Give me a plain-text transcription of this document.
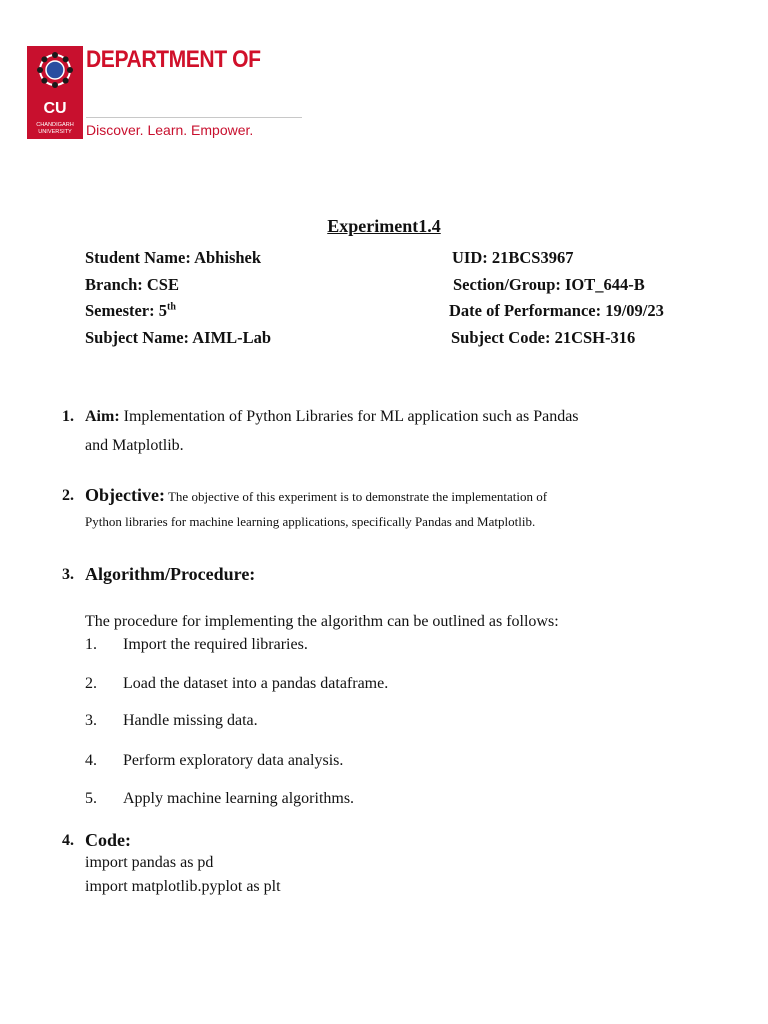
CU
CHANDIGARH
UNIVERSITY
DEPARTMENT OF
Discover. Learn. Empower.
Experiment1.4
Student Name: Abhishek	UID: 21BCS3967
Branch: CSE	Section/Group: IOT_644-B
Semester: 5th	Date of Performance: 19/09/23
Subject Name: AIML-Lab	Subject Code: 21CSH-316
1. Aim: Implementation of Python Libraries for ML application such as Pandas
and Matplotlib.
2. Objective: The objective of this experiment is to demonstrate the implementation of
Python libraries for machine learning applications, specifically Pandas and Matplotlib.
3. Algorithm/Procedure:
The procedure for implementing the algorithm can be outlined as follows:
1. Import the required libraries.
2. Load the dataset into a pandas dataframe.
3. Handle missing data.
4. Perform exploratory data analysis.
5. Apply machine learning algorithms.
4. Code:
import pandas as pd
import matplotlib.pyplot as plt
